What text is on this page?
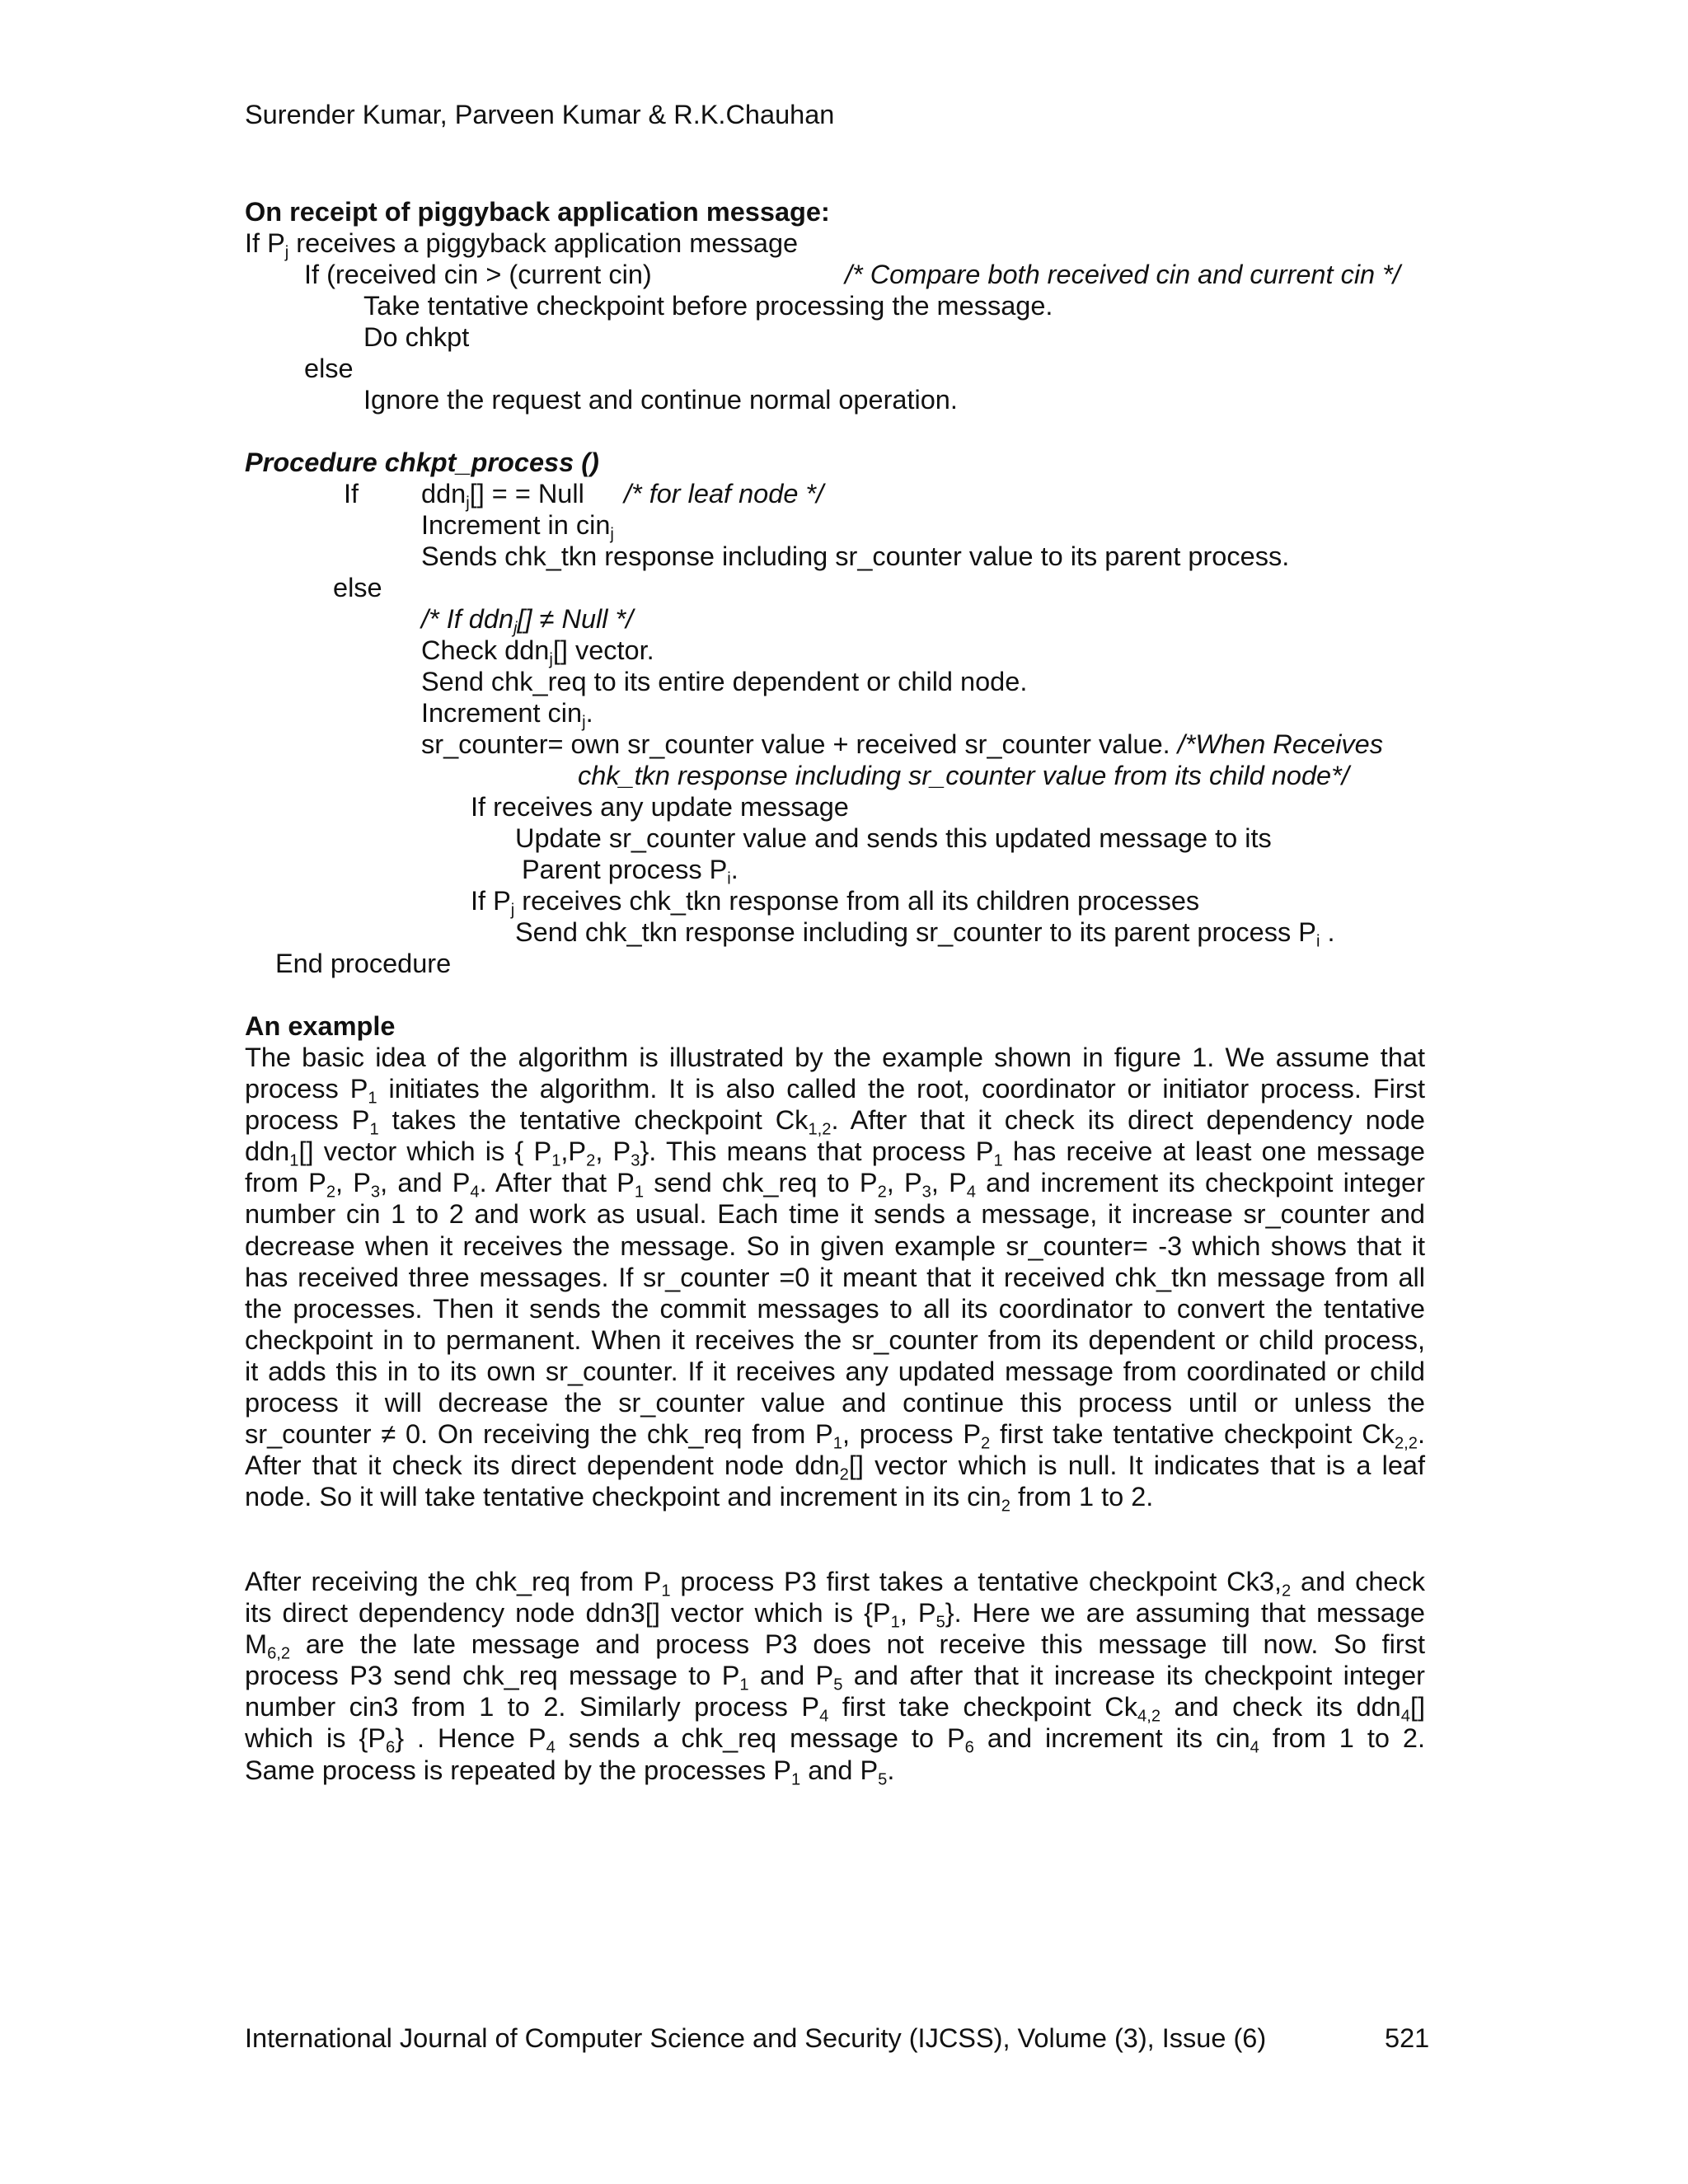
Surender Kumar, Parveen Kumar & R.K.Chauhan
On receipt of piggyback application message:
If $P_j$ receives a piggyback application message
If (received cin > (current cin)	/* Compare both received cin and current cin */
Take tentative checkpoint before processing the message.
Do chkpt
else
Ignore the request and continue normal operation.
Procedure chkpt_process ()
If ddn$_j$[] = = Null /* for leaf node */
Increment in cin$_j$
Sends chk_tkn response including sr_counter value to its parent process.
else
/* If ddn$_j$[] ≠ Null */
Check ddn$_j$[] vector.
Send chk_req to its entire dependent or child node.
Increment cin$_j$.
sr_counter= own sr_counter value + received sr_counter value. /*When Receives
chk_tkn response including sr_counter value from its child node*/
If receives any update message
Update sr_counter value and sends this updated message to its
Parent process $P_i$.
If $P_j$ receives chk_tkn response from all its children processes
Send chk_tkn response including sr_counter to its parent process $P_i$ .
End procedure
An example
The basic idea of the algorithm is illustrated by the example shown in figure 1. We assume that
process $P_1$ initiates the algorithm. It is also called the root, coordinator or initiator process. First
process $P_1$ takes the tentative checkpoint $Ck_{1,2}$. After that it check its direct dependency node
ddn$_1$[] vector which is { $P_1,P_2$, $P_3$}. This means that process $P_1$ has receive at least one message
from $P_2$, $P_3$, and $P_4$. After that $P_1$ send chk_req to $P_2$, $P_3$, $P_4$ and increment its checkpoint integer
number cin 1 to 2 and work as usual. Each time it sends a message, it increase sr_counter and
decrease when it receives the message. So in given example sr_counter= -3 which shows that it
has received three messages. If sr_counter =0 it meant that it received chk_tkn message from all
the processes. Then it sends the commit messages to all its coordinator to convert the tentative
checkpoint in to permanent. When it receives the sr_counter from its dependent or child process,
it adds this in to its own sr_counter. If it receives any updated message from coordinated or child
process it will decrease the sr_counter value and continue this process until or unless the
sr_counter ≠ 0. On receiving the chk_req from $P_1$, process $P_2$ first take tentative checkpoint $Ck_{2,2}$.
After that it check its direct dependent node ddn$_2$[] vector which is null. It indicates that is a leaf
node. So it will take tentative checkpoint and increment in its cin$_2$ from 1 to 2.
After receiving the chk_req from $P_1$ process P3 first takes a tentative checkpoint $Ck3,_2$ and check
its direct dependency node ddn3[] vector which is {$P_1$, $P_5$}. Here we are assuming that message
$M_{6,2}$ are the late message and process P3 does not receive this message till now. So first
process P3 send chk_req message to $P_1$ and $P_5$ and after that it increase its checkpoint integer
number cin3 from 1 to 2. Similarly process $P_4$ first take checkpoint $Ck_{4,2}$ and check its ddn$_4$[]
which is $\{P_6\}$ . Hence $P_4$ sends a chk_req message to $P_6$ and increment its cin$_4$ from 1 to 2.
Same process is repeated by the processes $P_1$ and $P_5$.
International Journal of Computer Science and Security (IJCSS), Volume (3), Issue (6)	521
